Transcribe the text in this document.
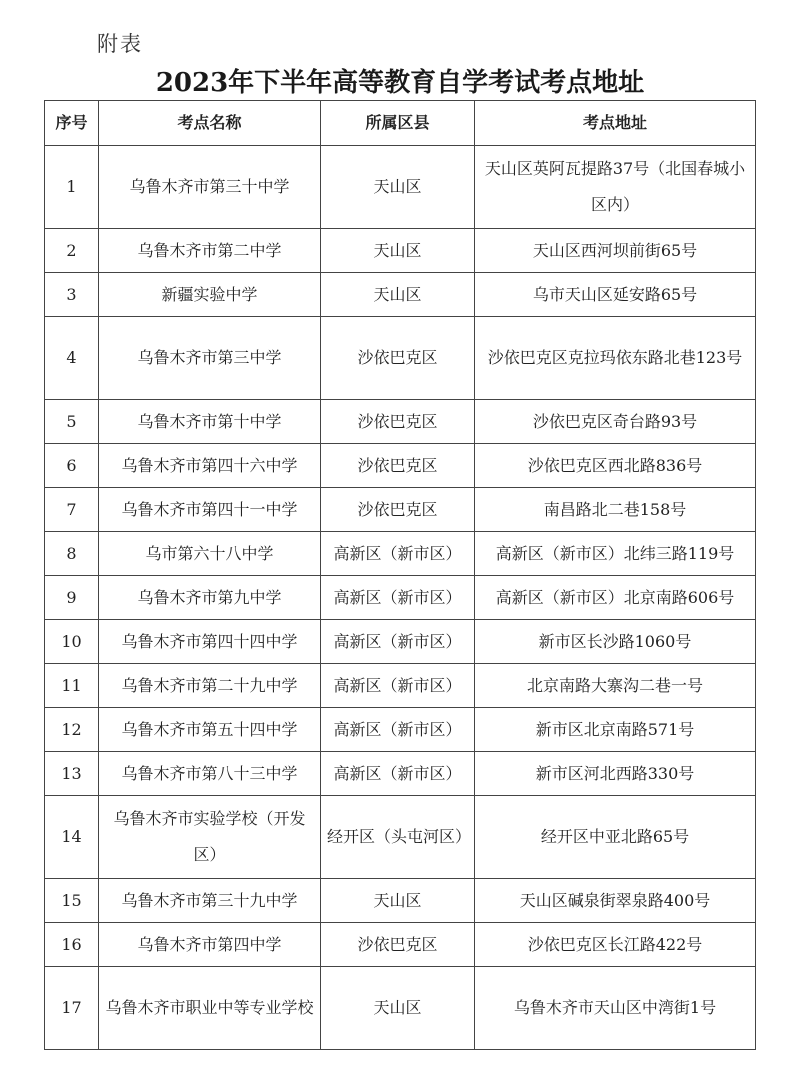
附表
2023年下半年高等教育自学考试考点地址
序号	考点名称	所属区县	考点地址
1	乌鲁木齐市第三十中学	天山区	天山区英阿瓦提路37号（北国春城小区内）
2	乌鲁木齐市第二中学	天山区	天山区西河坝前街65号
3	新疆实验中学	天山区	乌市天山区延安路65号
4	乌鲁木齐市第三中学	沙依巴克区	沙依巴克区克拉玛依东路北巷123号
5	乌鲁木齐市第十中学	沙依巴克区	沙依巴克区奇台路93号
6	乌鲁木齐市第四十六中学	沙依巴克区	沙依巴克区西北路836号
7	乌鲁木齐市第四十一中学	沙依巴克区	南昌路北二巷158号
8	乌市第六十八中学	高新区（新市区）	高新区（新市区）北纬三路119号
9	乌鲁木齐市第九中学	高新区（新市区）	高新区（新市区）北京南路606号
10	乌鲁木齐市第四十四中学	高新区（新市区）	新市区长沙路1060号
11	乌鲁木齐市第二十九中学	高新区（新市区）	北京南路大寨沟二巷一号
12	乌鲁木齐市第五十四中学	高新区（新市区）	新市区北京南路571号
13	乌鲁木齐市第八十三中学	高新区（新市区）	新市区河北西路330号
14	乌鲁木齐市实验学校（开发区）	经开区（头屯河区）	经开区中亚北路65号
15	乌鲁木齐市第三十九中学	天山区	天山区碱泉街翠泉路400号
16	乌鲁木齐市第四中学	沙依巴克区	沙依巴克区长江路422号
17	乌鲁木齐市职业中等专业学校	天山区	乌鲁木齐市天山区中湾街1号
